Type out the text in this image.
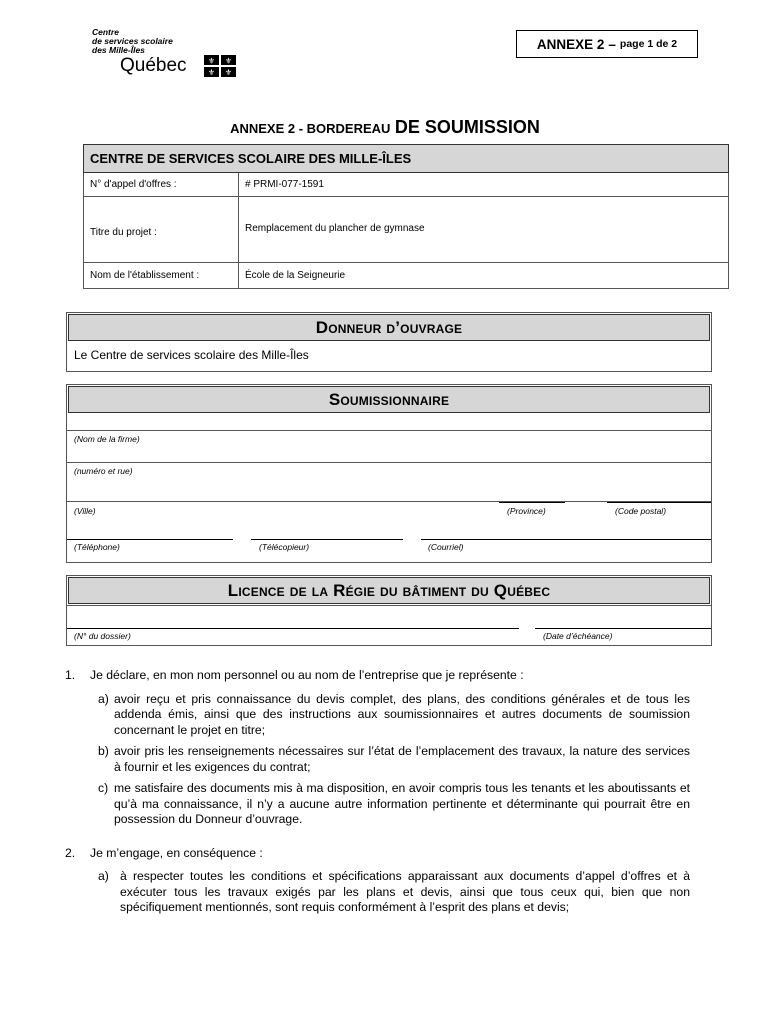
Centre
de services scolaire
des Mille-Îles
Québec	⚜ ⚜
⚜ ⚜
ANNEXE 2 – page 1 de 2
ANNEXE 2 - BORDEREAU DE SOUMISSION
CENTRE DE SERVICES SCOLAIRE DES MILLE-ÎLES	
N° d'appel d'offres :	# PRMI-077-1591
Titre du projet :	Remplacement du plancher de gymnase
Nom de l'établissement :	École de la Seigneurie
Donneur d’ouvrage
Le Centre de services scolaire des Mille-Îles
Soumissionnaire
(Nom de la firme)
(numéro et rue)
(Ville)	(Province)	(Code postal)
(Téléphone)	(Télécopieur)	(Courriel)
Licence de la Régie du bâtiment du Québec
(N° du dossier)	(Date d’échéance)
1.	Je déclare, en mon nom personnel ou au nom de l’entreprise que je représente :
a) avoir reçu et pris connaissance du devis complet, des plans, des conditions générales et de tous les addenda émis, ainsi que des instructions aux soumissionnaires et autres documents de soumission concernant le projet en titre;
b) avoir pris les renseignements nécessaires sur l’état de l’emplacement des travaux, la nature des services à fournir et les exigences du contrat;
c) me satisfaire des documents mis à ma disposition, en avoir compris tous les tenants et les aboutissants et qu’à ma connaissance, il n’y a aucune autre information pertinente et déterminante qui pourrait être en possession du Donneur d’ouvrage.
2.	Je m’engage, en conséquence :
a) à respecter toutes les conditions et spécifications apparaissant aux documents d’appel d’offres et à exécuter tous les travaux exigés par les plans et devis, ainsi que tous ceux qui, bien que non spécifiquement mentionnés, sont requis conformément à l’esprit des plans et devis;
